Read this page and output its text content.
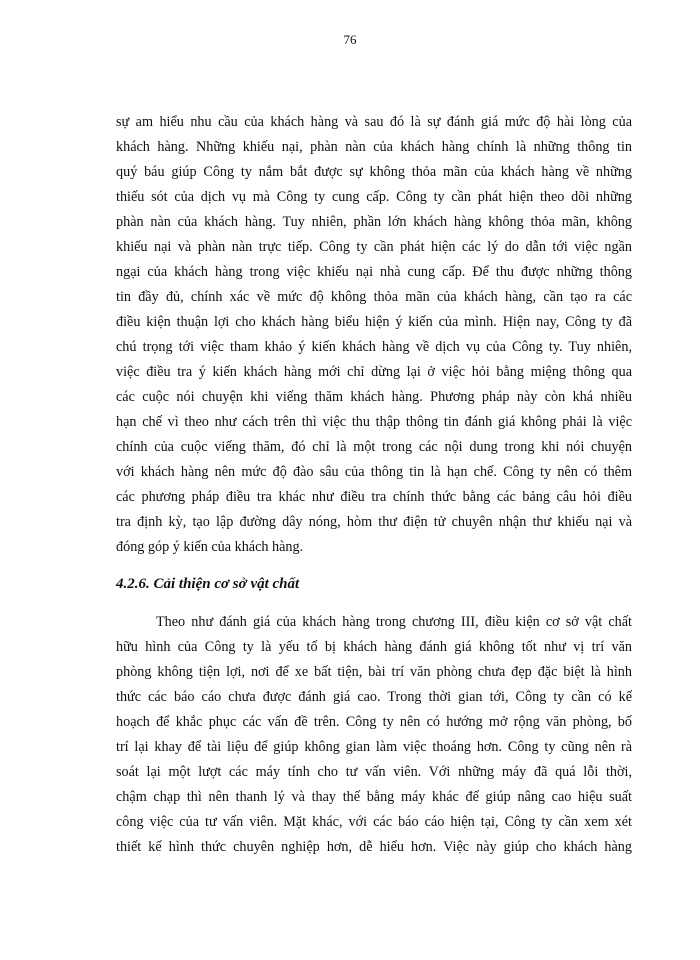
76
sự am hiểu nhu cầu của khách hàng và sau đó là sự đánh giá mức độ hài lòng của
khách hàng. Những khiếu nại, phàn nàn của khách hàng chính là những thông tin
quý báu giúp Công ty nắm bắt được sự không thỏa mãn của khách hàng về những
thiếu sót của dịch vụ mà Công ty cung cấp. Công ty cần phát hiện theo dõi những
phàn nàn của khách hàng. Tuy nhiên, phần lớn khách hàng không thỏa mãn, không
khiếu nại và phàn nàn trực tiếp. Công ty cần phát hiện các lý do dẫn tới việc ngần
ngại của khách hàng trong việc khiếu nại nhà cung cấp. Để thu được những thông
tin đầy đủ, chính xác về mức độ không thỏa mãn của khách hàng, cần tạo ra các
điều kiện thuận lợi cho khách hàng biểu hiện ý kiến của mình. Hiện nay, Công ty đã
chú trọng tới việc tham khảo ý kiến khách hàng về dịch vụ của Công ty. Tuy nhiên,
việc điều tra ý kiến khách hàng mới chỉ dừng lại ở việc hỏi bằng miệng thông qua
các cuộc nói chuyện khi viếng thăm khách hàng. Phương pháp này còn khá nhiều
hạn chế vì theo như cách trên thì việc thu thập thông tin đánh giá không phải là việc
chính của cuộc viếng thăm, đó chỉ là một trong các nội dung trong khi nói chuyện
với khách hàng nên mức độ đào sâu của thông tin là hạn chế. Công ty nên có thêm
các phương pháp điều tra khác như điều tra chính thức bằng các bảng câu hỏi điều
tra định kỳ, tạo lập đường dây nóng, hòm thư điện tử chuyên nhận thư khiếu nại và
đóng góp ý kiến của khách hàng.
4.2.6. Cải thiện cơ sở vật chất
Theo như đánh giá của khách hàng trong chương III, điều kiện cơ sở vật chất
hữu hình của Công ty là yếu tố bị khách hàng đánh giá không tốt như vị trí văn
phòng không tiện lợi, nơi để xe bất tiện, bài trí văn phòng chưa đẹp đặc biệt là hình
thức các báo cáo chưa được đánh giá cao. Trong thời gian tới, Công ty cần có kế
hoạch để khắc phục các vấn đề trên. Công ty nên có hướng mở rộng văn phòng, bố
trí lại khay để tài liệu để giúp không gian làm việc thoáng hơn. Công ty cũng nên rà
soát lại một lượt các máy tính cho tư vấn viên. Với những máy đã quá lỗi thời,
chậm chạp thì nên thanh lý và thay thế bằng máy khác để giúp nâng cao hiệu suất
công việc của tư vấn viên. Mặt khác, với các báo cáo hiện tại, Công ty cần xem xét
thiết kế hình thức chuyên nghiệp hơn, dễ hiểu hơn. Việc này giúp cho khách hàng
